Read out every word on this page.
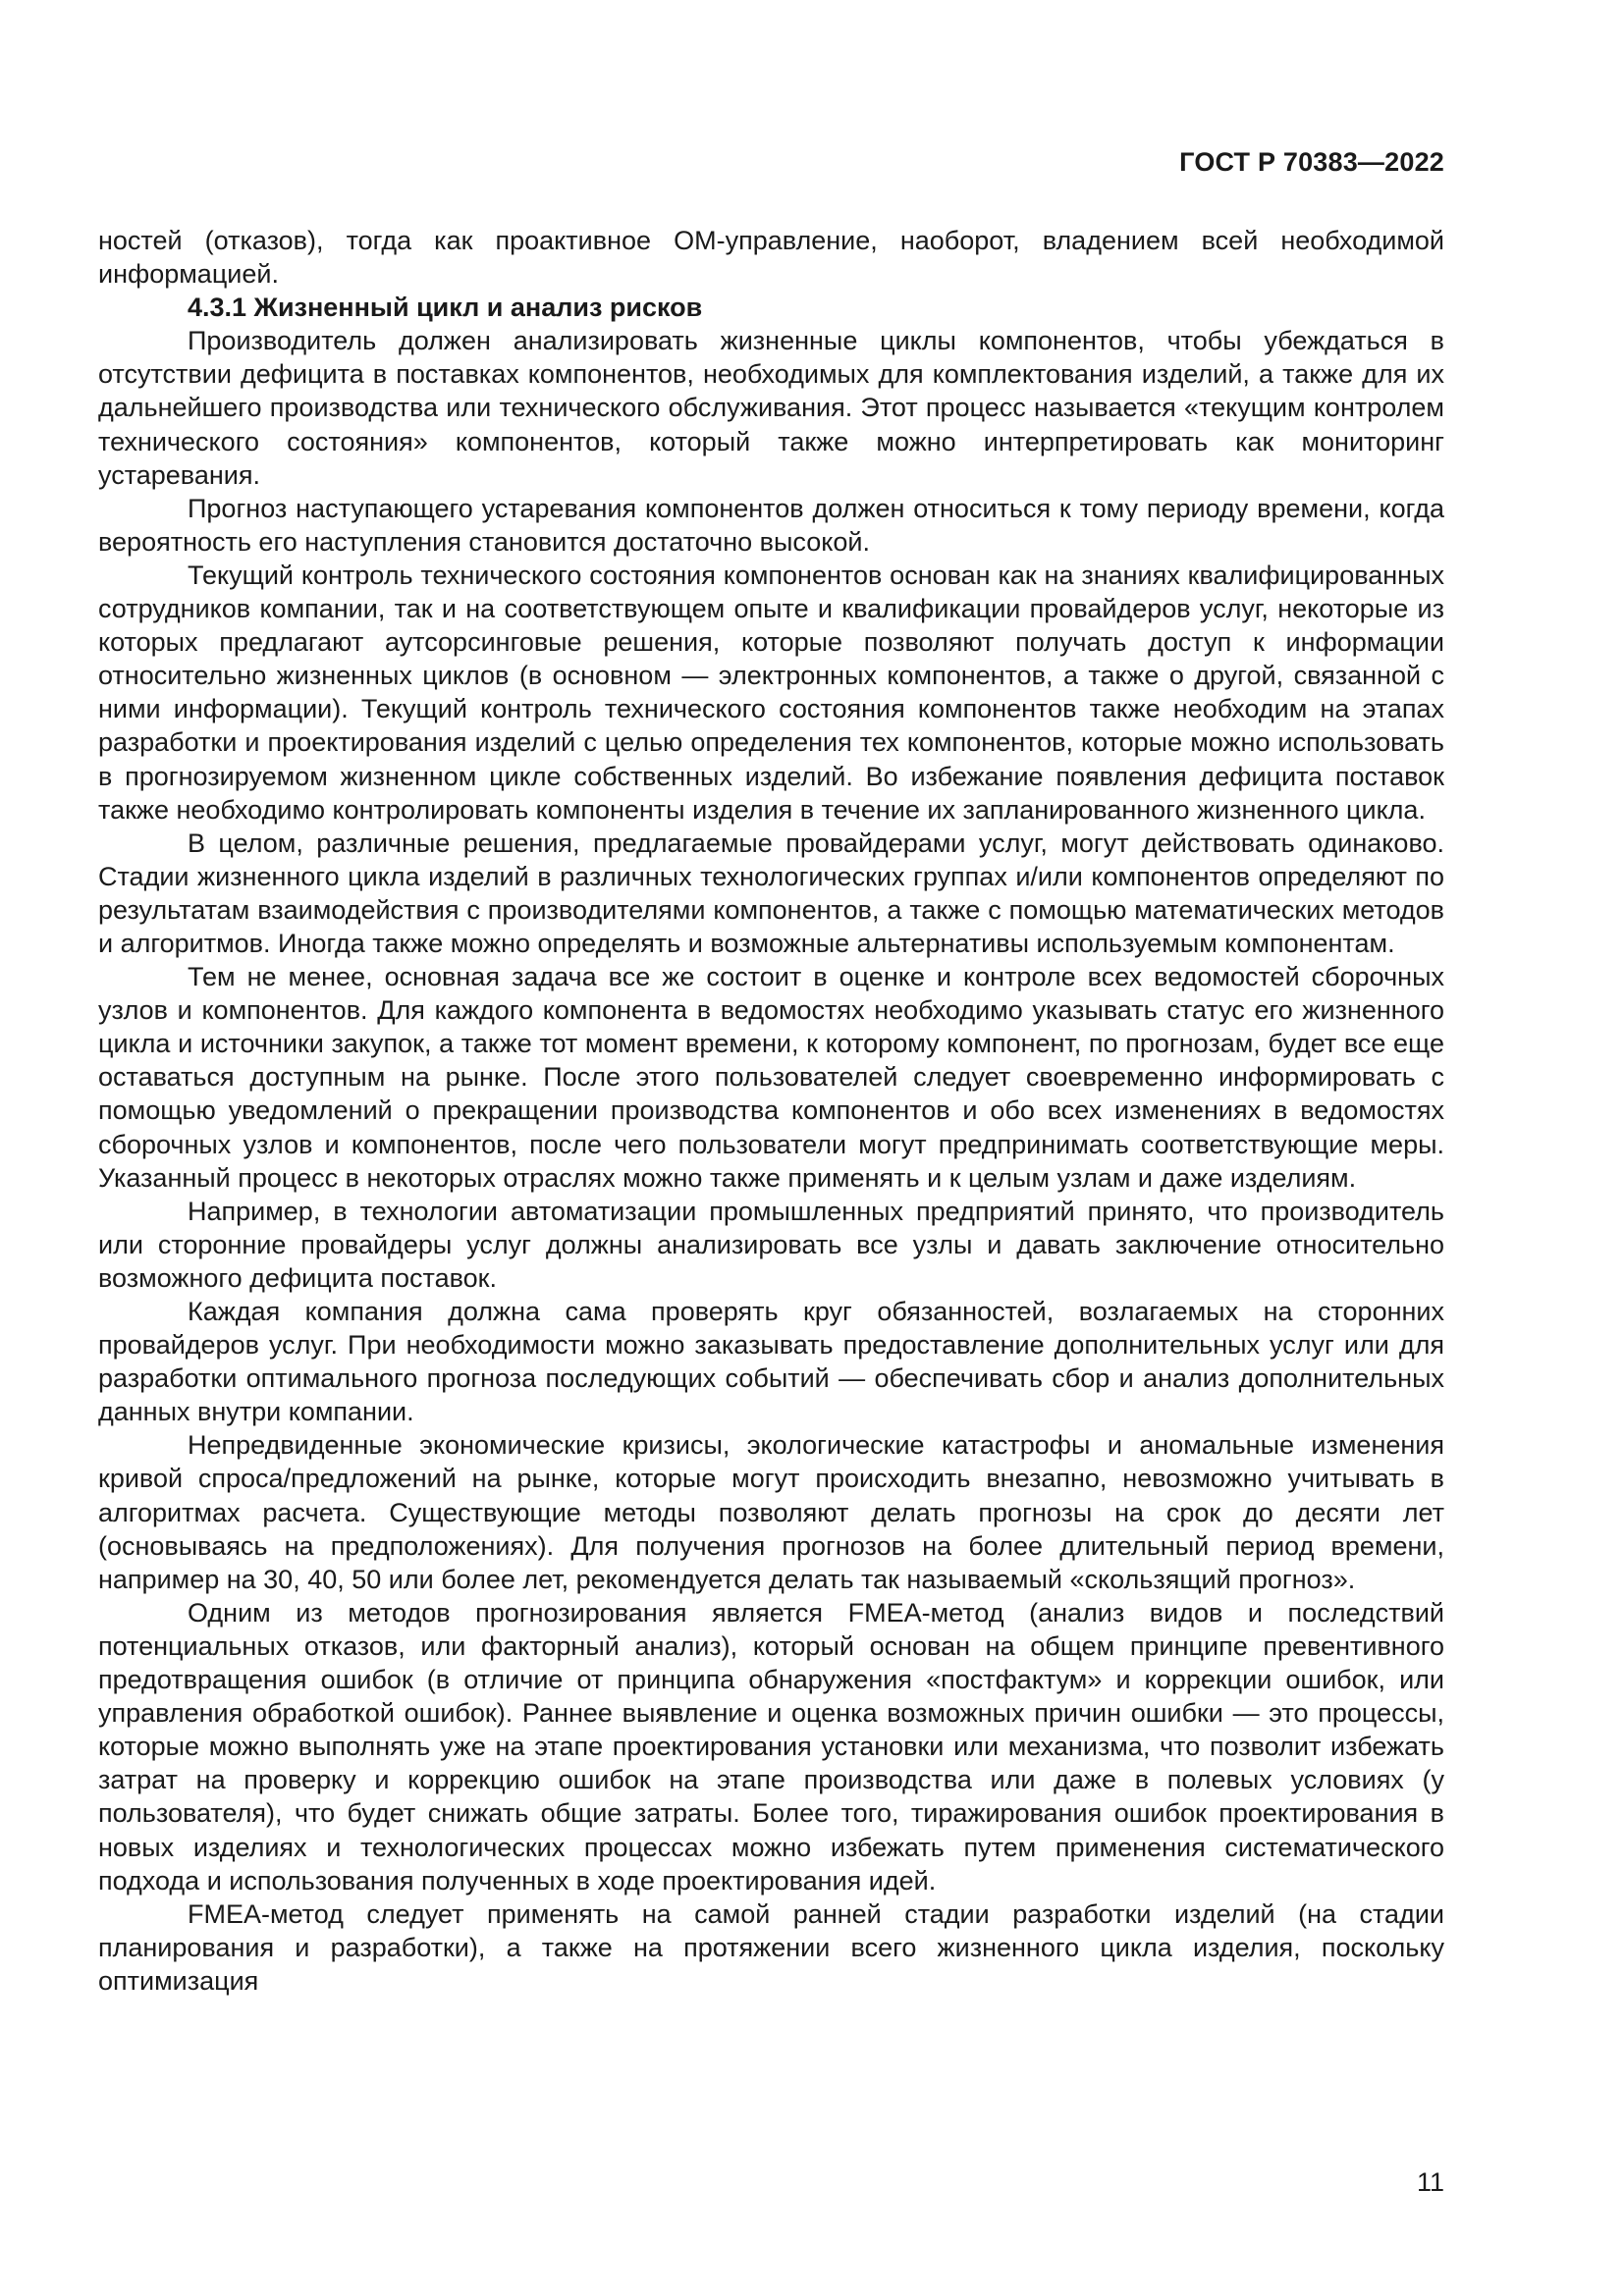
ГОСТ Р 70383—2022

ностей (отказов), тогда как проактивное OM-управление, наоборот, владением всей необходимой информацией.

4.3.1 Жизненный цикл и анализ рисков

Производитель должен анализировать жизненные циклы компонентов, чтобы убеждаться в отсутствии дефицита в поставках компонентов, необходимых для комплектования изделий, а также для их дальнейшего производства или технического обслуживания. Этот процесс называется «текущим контролем технического состояния» компонентов, который также можно интерпретировать как мониторинг устаревания.

Прогноз наступающего устаревания компонентов должен относиться к тому периоду времени, когда вероятность его наступления становится достаточно высокой.

Текущий контроль технического состояния компонентов основан как на знаниях квалифицированных сотрудников компании, так и на соответствующем опыте и квалификации провайдеров услуг, некоторые из которых предлагают аутсорсинговые решения, которые позволяют получать доступ к информации относительно жизненных циклов (в основном — электронных компонентов, а также о другой, связанной с ними информации). Текущий контроль технического состояния компонентов также необходим на этапах разработки и проектирования изделий с целью определения тех компонентов, которые можно использовать в прогнозируемом жизненном цикле собственных изделий. Во избежание появления дефицита поставок также необходимо контролировать компоненты изделия в течение их запланированного жизненного цикла.

В целом, различные решения, предлагаемые провайдерами услуг, могут действовать одинаково. Стадии жизненного цикла изделий в различных технологических группах и/или компонентов определяют по результатам взаимодействия с производителями компонентов, а также с помощью математических методов и алгоритмов. Иногда также можно определять и возможные альтернативы используемым компонентам.

Тем не менее, основная задача все же состоит в оценке и контроле всех ведомостей сборочных узлов и компонентов. Для каждого компонента в ведомостях необходимо указывать статус его жизненного цикла и источники закупок, а также тот момент времени, к которому компонент, по прогнозам, будет все еще оставаться доступным на рынке. После этого пользователей следует своевременно информировать с помощью уведомлений о прекращении производства компонентов и обо всех изменениях в ведомостях сборочных узлов и компонентов, после чего пользователи могут предпринимать соответствующие меры. Указанный процесс в некоторых отраслях можно также применять и к целым узлам и даже изделиям.

Например, в технологии автоматизации промышленных предприятий принято, что производитель или сторонние провайдеры услуг должны анализировать все узлы и давать заключение относительно возможного дефицита поставок.

Каждая компания должна сама проверять круг обязанностей, возлагаемых на сторонних провайдеров услуг. При необходимости можно заказывать предоставление дополнительных услуг или для разработки оптимального прогноза последующих событий — обеспечивать сбор и анализ дополнительных данных внутри компании.

Непредвиденные экономические кризисы, экологические катастрофы и аномальные изменения кривой спроса/предложений на рынке, которые могут происходить внезапно, невозможно учитывать в алгоритмах расчета. Существующие методы позволяют делать прогнозы на срок до десяти лет (основываясь на предположениях). Для получения прогнозов на более длительный период времени, например на 30, 40, 50 или более лет, рекомендуется делать так называемый «скользящий прогноз».

Одним из методов прогнозирования является FMEA-метод (анализ видов и последствий потенциальных отказов, или факторный анализ), который основан на общем принципе превентивного предотвращения ошибок (в отличие от принципа обнаружения «постфактум» и коррекции ошибок, или управления обработкой ошибок). Раннее выявление и оценка возможных причин ошибки — это процессы, которые можно выполнять уже на этапе проектирования установки или механизма, что позволит избежать затрат на проверку и коррекцию ошибок на этапе производства или даже в полевых условиях (у пользователя), что будет снижать общие затраты. Более того, тиражирования ошибок проектирования в новых изделиях и технологических процессах можно избежать путем применения систематического подхода и использования полученных в ходе проектирования идей.

FMEA-метод следует применять на самой ранней стадии разработки изделий (на стадии планирования и разработки), а также на протяжении всего жизненного цикла изделия, поскольку оптимизация

11
